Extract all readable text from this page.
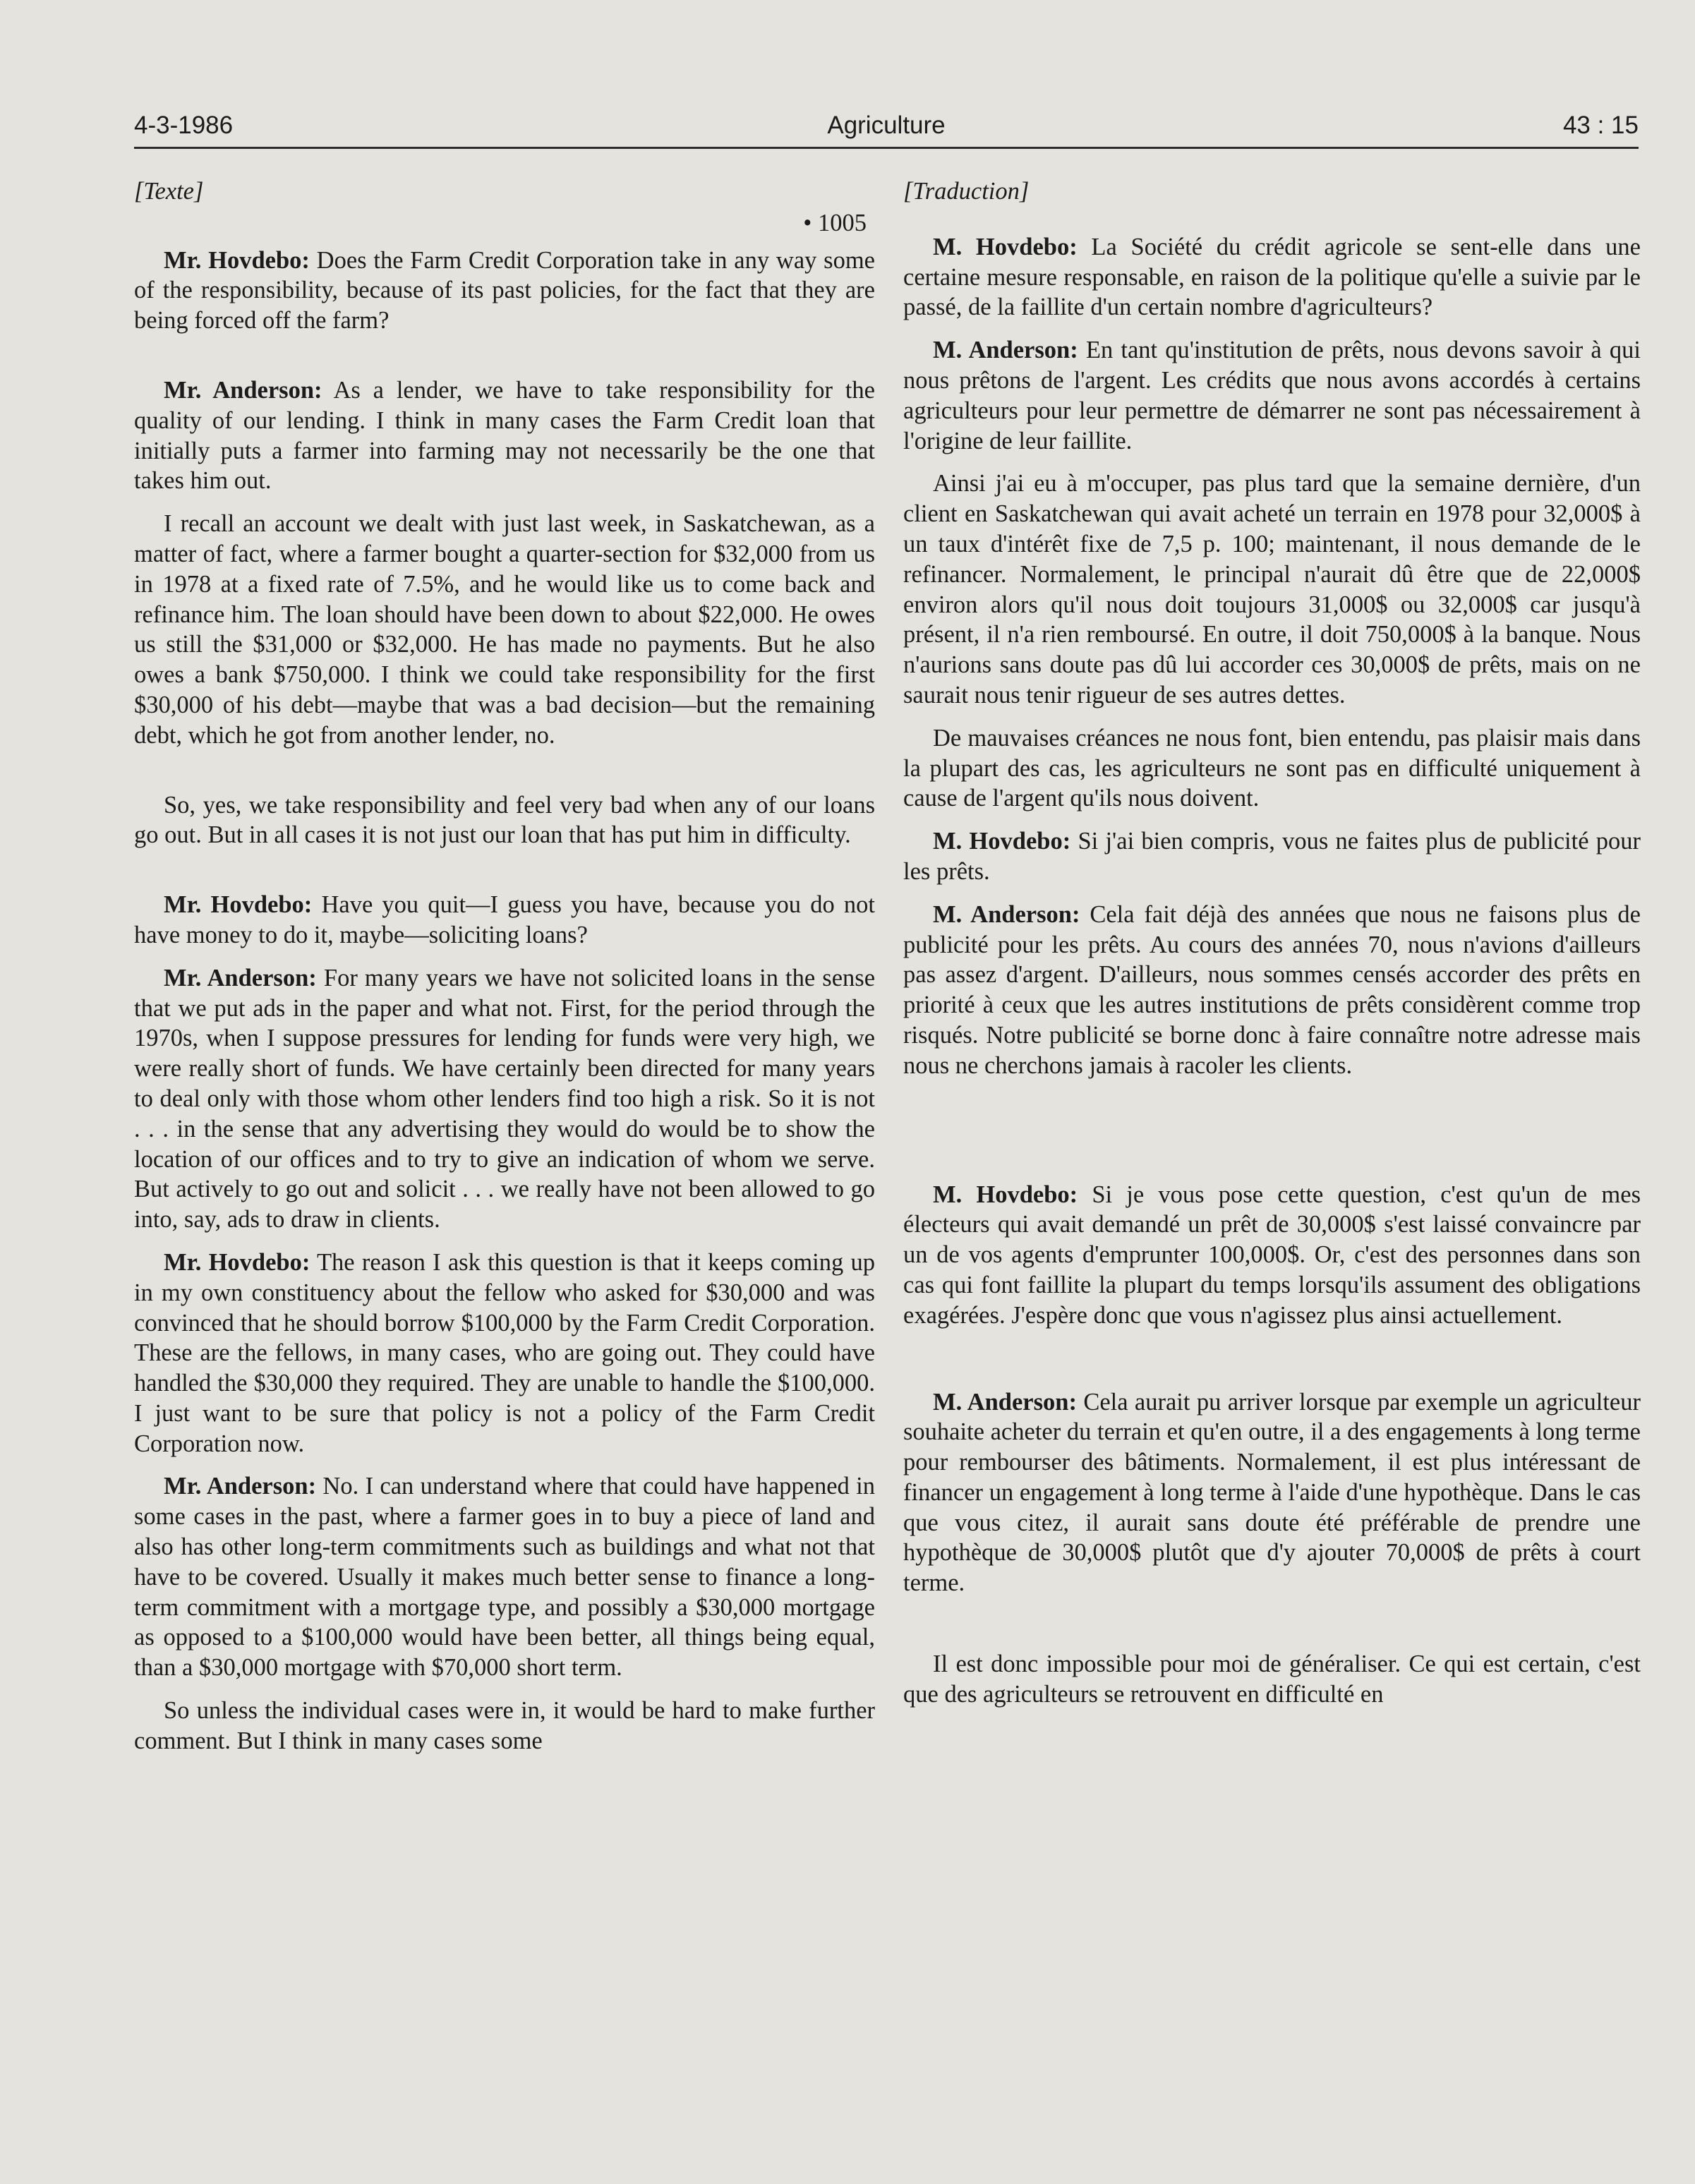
4-3-1986	Agriculture	43 : 15
[Texte]
• 1005

Mr. Hovdebo: Does the Farm Credit Corporation take in any way some of the responsibility, because of its past policies, for the fact that they are being forced off the farm?

Mr. Anderson: As a lender, we have to take responsibility for the quality of our lending. I think in many cases the Farm Credit loan that initially puts a farmer into farming may not necessarily be the one that takes him out.

I recall an account we dealt with just last week, in Saskatchewan, as a matter of fact, where a farmer bought a quarter-section for $32,000 from us in 1978 at a fixed rate of 7.5%, and he would like us to come back and refinance him. The loan should have been down to about $22,000. He owes us still the $31,000 or $32,000. He has made no payments. But he also owes a bank $750,000. I think we could take responsibility for the first $30,000 of his debt—maybe that was a bad decision—but the remaining debt, which he got from another lender, no.

So, yes, we take responsibility and feel very bad when any of our loans go out. But in all cases it is not just our loan that has put him in difficulty.

Mr. Hovdebo: Have you quit—I guess you have, because you do not have money to do it, maybe—soliciting loans?

Mr. Anderson: For many years we have not solicited loans in the sense that we put ads in the paper and what not. First, for the period through the 1970s, when I suppose pressures for lending for funds were very high, we were really short of funds. We have certainly been directed for many years to deal only with those whom other lenders find too high a risk. So it is not . . . in the sense that any advertising they would do would be to show the location of our offices and to try to give an indication of whom we serve. But actively to go out and solicit . . . we really have not been allowed to go into, say, ads to draw in clients.

Mr. Hovdebo: The reason I ask this question is that it keeps coming up in my own constituency about the fellow who asked for $30,000 and was convinced that he should borrow $100,000 by the Farm Credit Corporation. These are the fellows, in many cases, who are going out. They could have handled the $30,000 they required. They are unable to handle the $100,000. I just want to be sure that policy is not a policy of the Farm Credit Corporation now.

Mr. Anderson: No. I can understand where that could have happened in some cases in the past, where a farmer goes in to buy a piece of land and also has other long-term commitments such as buildings and what not that have to be covered. Usually it makes much better sense to finance a long-term commitment with a mortgage type, and possibly a $30,000 mortgage as opposed to a $100,000 would have been better, all things being equal, than a $30,000 mortgage with $70,000 short term.

So unless the individual cases were in, it would be hard to make further comment. But I think in many cases some

[Traduction]

M. Hovdebo: La Société du crédit agricole se sent-elle dans une certaine mesure responsable, en raison de la politique qu'elle a suivie par le passé, de la faillite d'un certain nombre d'agriculteurs?

M. Anderson: En tant qu'institution de prêts, nous devons savoir à qui nous prêtons de l'argent. Les crédits que nous avons accordés à certains agriculteurs pour leur permettre de démarrer ne sont pas nécessairement à l'origine de leur faillite.

Ainsi j'ai eu à m'occuper, pas plus tard que la semaine dernière, d'un client en Saskatchewan qui avait acheté un terrain en 1978 pour 32,000$ à un taux d'intérêt fixe de 7,5 p. 100; maintenant, il nous demande de le refinancer. Normalement, le principal n'aurait dû être que de 22,000$ environ alors qu'il nous doit toujours 31,000$ ou 32,000$ car jusqu'à présent, il n'a rien remboursé. En outre, il doit 750,000$ à la banque. Nous n'aurions sans doute pas dû lui accorder ces 30,000$ de prêts, mais on ne saurait nous tenir rigueur de ses autres dettes.

De mauvaises créances ne nous font, bien entendu, pas plaisir mais dans la plupart des cas, les agriculteurs ne sont pas en difficulté uniquement à cause de l'argent qu'ils nous doivent.

M. Hovdebo: Si j'ai bien compris, vous ne faites plus de publicité pour les prêts.

M. Anderson: Cela fait déjà des années que nous ne faisons plus de publicité pour les prêts. Au cours des années 70, nous n'avions d'ailleurs pas assez d'argent. D'ailleurs, nous sommes censés accorder des prêts en priorité à ceux que les autres institutions de prêts considèrent comme trop risqués. Notre publicité se borne donc à faire connaître notre adresse mais nous ne cherchons jamais à racoler les clients.

M. Hovdebo: Si je vous pose cette question, c'est qu'un de mes électeurs qui avait demandé un prêt de 30,000$ s'est laissé convaincre par un de vos agents d'emprunter 100,000$. Or, c'est des personnes dans son cas qui font faillite la plupart du temps lorsqu'ils assument des obligations exagérées. J'espère donc que vous n'agissez plus ainsi actuellement.

M. Anderson: Cela aurait pu arriver lorsque par exemple un agriculteur souhaite acheter du terrain et qu'en outre, il a des engagements à long terme pour rembourser des bâtiments. Normalement, il est plus intéressant de financer un engagement à long terme à l'aide d'une hypothèque. Dans le cas que vous citez, il aurait sans doute été préférable de prendre une hypothèque de 30,000$ plutôt que d'y ajouter 70,000$ de prêts à court terme.

Il est donc impossible pour moi de généraliser. Ce qui est certain, c'est que des agriculteurs se retrouvent en difficulté en
